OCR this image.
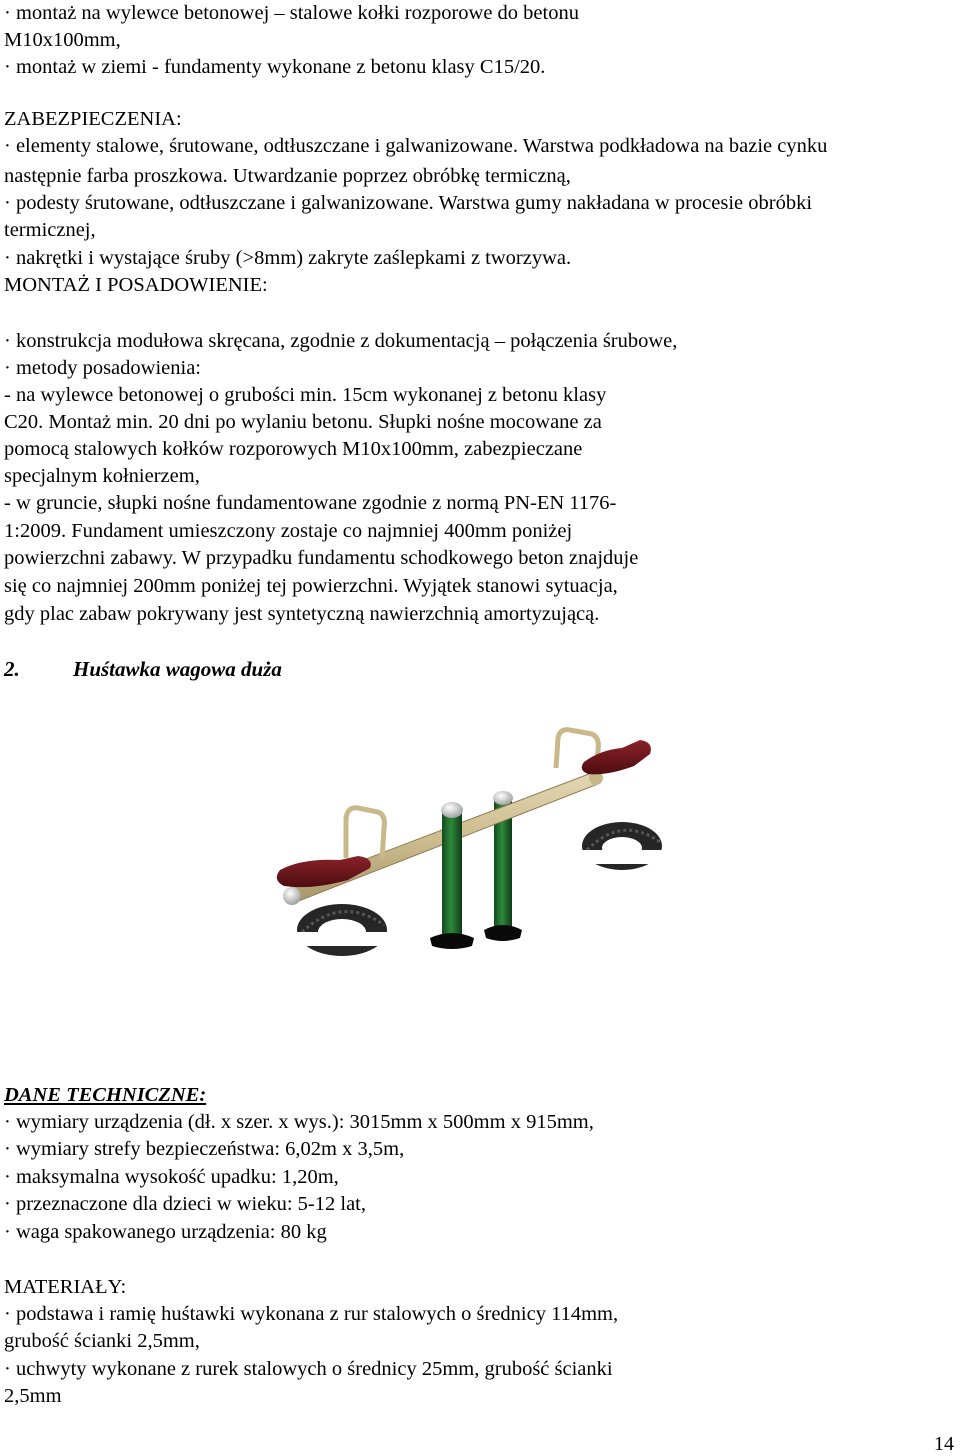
· montaż na wylewce betonowej – stalowe kołki rozporowe do betonu
M10x100mm,
· montaż w ziemi - fundamenty wykonane z betonu klasy C15/20.
ZABEZPIECZENIA:
· elementy stalowe, śrutowane, odtłuszczane i galwanizowane. Warstwa podkładowa na bazie cynku
następnie farba proszkowa. Utwardzanie poprzez obróbkę termiczną,
· podesty śrutowane, odtłuszczane i galwanizowane. Warstwa gumy nakładana w procesie obróbki
termicznej,
· nakrętki i wystające śruby (>8mm) zakryte zaślepkami z tworzywa.
MONTAŻ I POSADOWIENIE:
· konstrukcja modułowa skręcana, zgodnie z dokumentacją – połączenia śrubowe,
· metody posadowienia:
- na wylewce betonowej o grubości min. 15cm wykonanej z betonu klasy
C20. Montaż min. 20 dni po wylaniu betonu. Słupki nośne mocowane za
pomocą stalowych kołków rozporowych M10x100mm, zabezpieczane
specjalnym kołnierzem,
- w gruncie, słupki nośne fundamentowane zgodnie z normą PN-EN 1176-
1:2009. Fundament umieszczony zostaje co najmniej 400mm poniżej
powierzchni zabawy. W przypadku fundamentu schodkowego beton znajduje
się co najmniej 200mm poniżej tej powierzchni. Wyjątek stanowi sytuacja,
gdy plac zabaw pokrywany jest syntetyczną nawierzchnią amortyzującą.
2.	Huśtawka wagowa duża
DANE TECHNICZNE:
· wymiary urządzenia (dł. x szer. x wys.): 3015mm x 500mm x 915mm,
· wymiary strefy bezpieczeństwa: 6,02m x 3,5m,
· maksymalna wysokość upadku: 1,20m,
· przeznaczone dla dzieci w wieku: 5-12 lat,
· waga spakowanego urządzenia: 80 kg
MATERIAŁY:
· podstawa i ramię huśtawki wykonana z rur stalowych o średnicy 114mm,
grubość ścianki 2,5mm,
· uchwyty wykonane z rurek stalowych o średnicy 25mm, grubość ścianki
2,5mm
14
